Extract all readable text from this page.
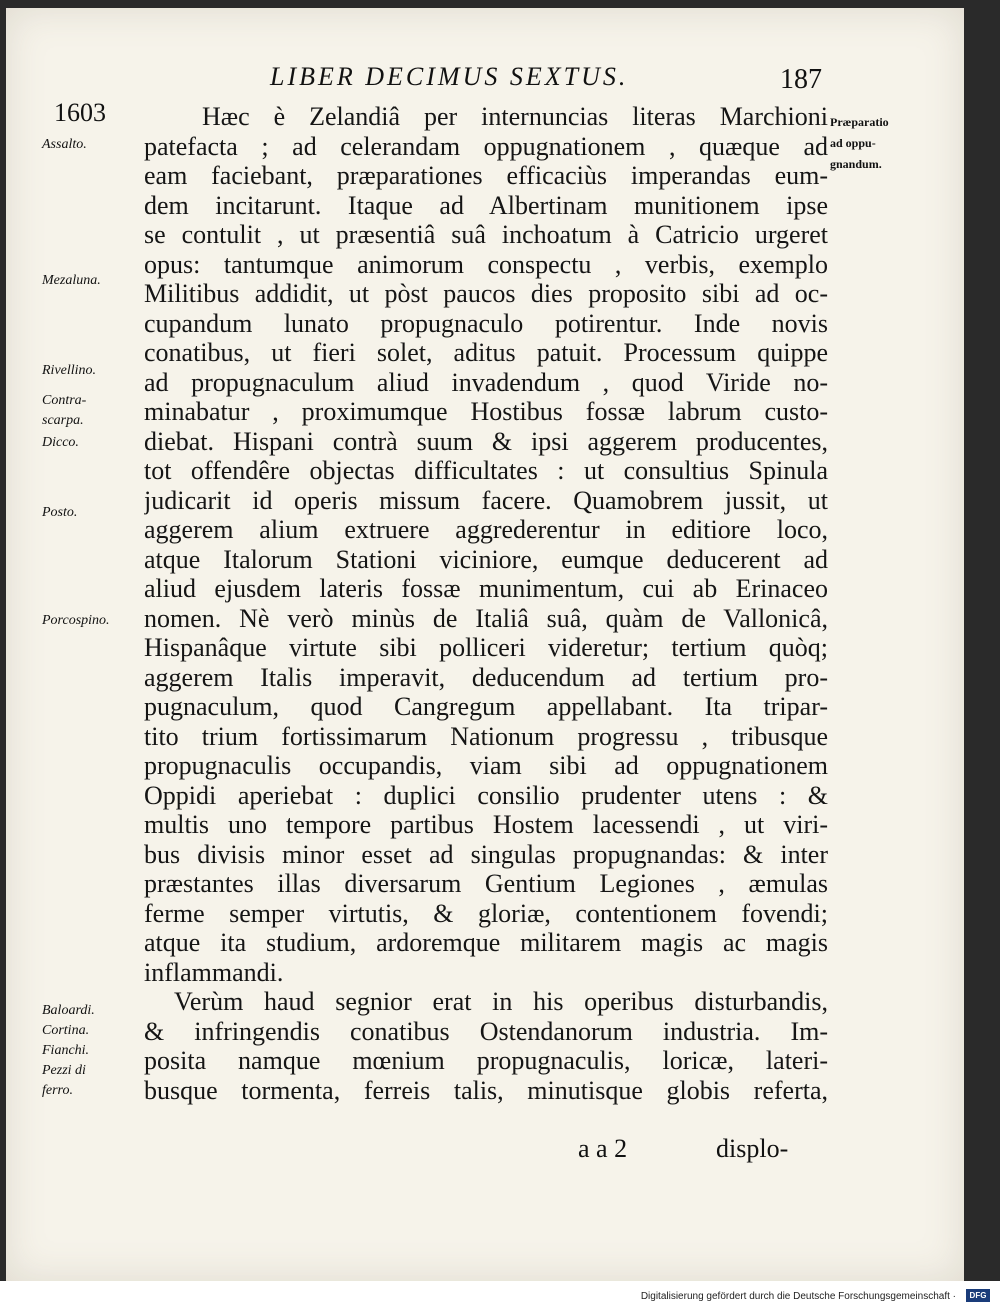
LIBER DECIMUS SEXTUS.	187
1603
Assalto.
Mezaluna.
Rivellino.
Contra-
scarpa.
Dicco.
Posto.
Porcospino.
Baloardi.
Cortina.
Fianchi.
Pezzi di
ferro.
Præparatio
ad oppu-
gnandum.
Hæc è Zelandiâ per internuncias literas Marchioni
patefacta ; ad celerandam oppugnationem , quæque ad
eam faciebant, præparationes efficaciùs imperandas eum-
dem incitarunt. Itaque ad Albertinam munitionem ipse
se contulit , ut præsentiâ suâ inchoatum à Catricio urgeret
opus: tantumque animorum conspectu , verbis, exemplo
Militibus addidit, ut pòst paucos dies proposito sibi ad oc-
cupandum lunato propugnaculo potirentur. Inde novis
conatibus, ut fieri solet, aditus patuit. Processum quippe
ad propugnaculum aliud invadendum , quod Viride no-
minabatur , proximumque Hostibus fossæ labrum custo-
diebat. Hispani contrà suum & ipsi aggerem producentes,
tot offendêre objectas difficultates : ut consultius Spinula
judicarit id operis missum facere. Quamobrem jussit, ut
aggerem alium extruere aggrederentur in editiore loco,
atque Italorum Stationi viciniore, eumque deducerent ad
aliud ejusdem lateris fossæ munimentum, cui ab Erinaceo
nomen. Nè verò minùs de Italiâ suâ, quàm de Vallonicâ,
Hispanâque virtute sibi polliceri videretur; tertium quòq;
aggerem Italis imperavit, deducendum ad tertium pro-
pugnaculum, quod Cangregum appellabant. Ita tripar-
tito trium fortissimarum Nationum progressu , tribusque
propugnaculis occupandis, viam sibi ad oppugnationem
Oppidi aperiebat : duplici consilio prudenter utens : &
multis uno tempore partibus Hostem lacessendi , ut viri-
bus divisis minor esset ad singulas propugnandas: & inter
præstantes illas diversarum Gentium Legiones , æmulas
ferme semper virtutis, & gloriæ, contentionem fovendi;
atque ita studium, ardoremque militarem magis ac magis
inflammandi.
Verùm haud segnior erat in his operibus disturbandis,
& infringendis conatibus Ostendanorum industria. Im-
posita namque mœnium propugnaculis, loricæ, lateri-
busque tormenta, ferreis talis, minutisque globis referta,
a a 2	displo-
Digitalisierung gefördert durch die Deutsche Forschungsgemeinschaft ·	DFG
